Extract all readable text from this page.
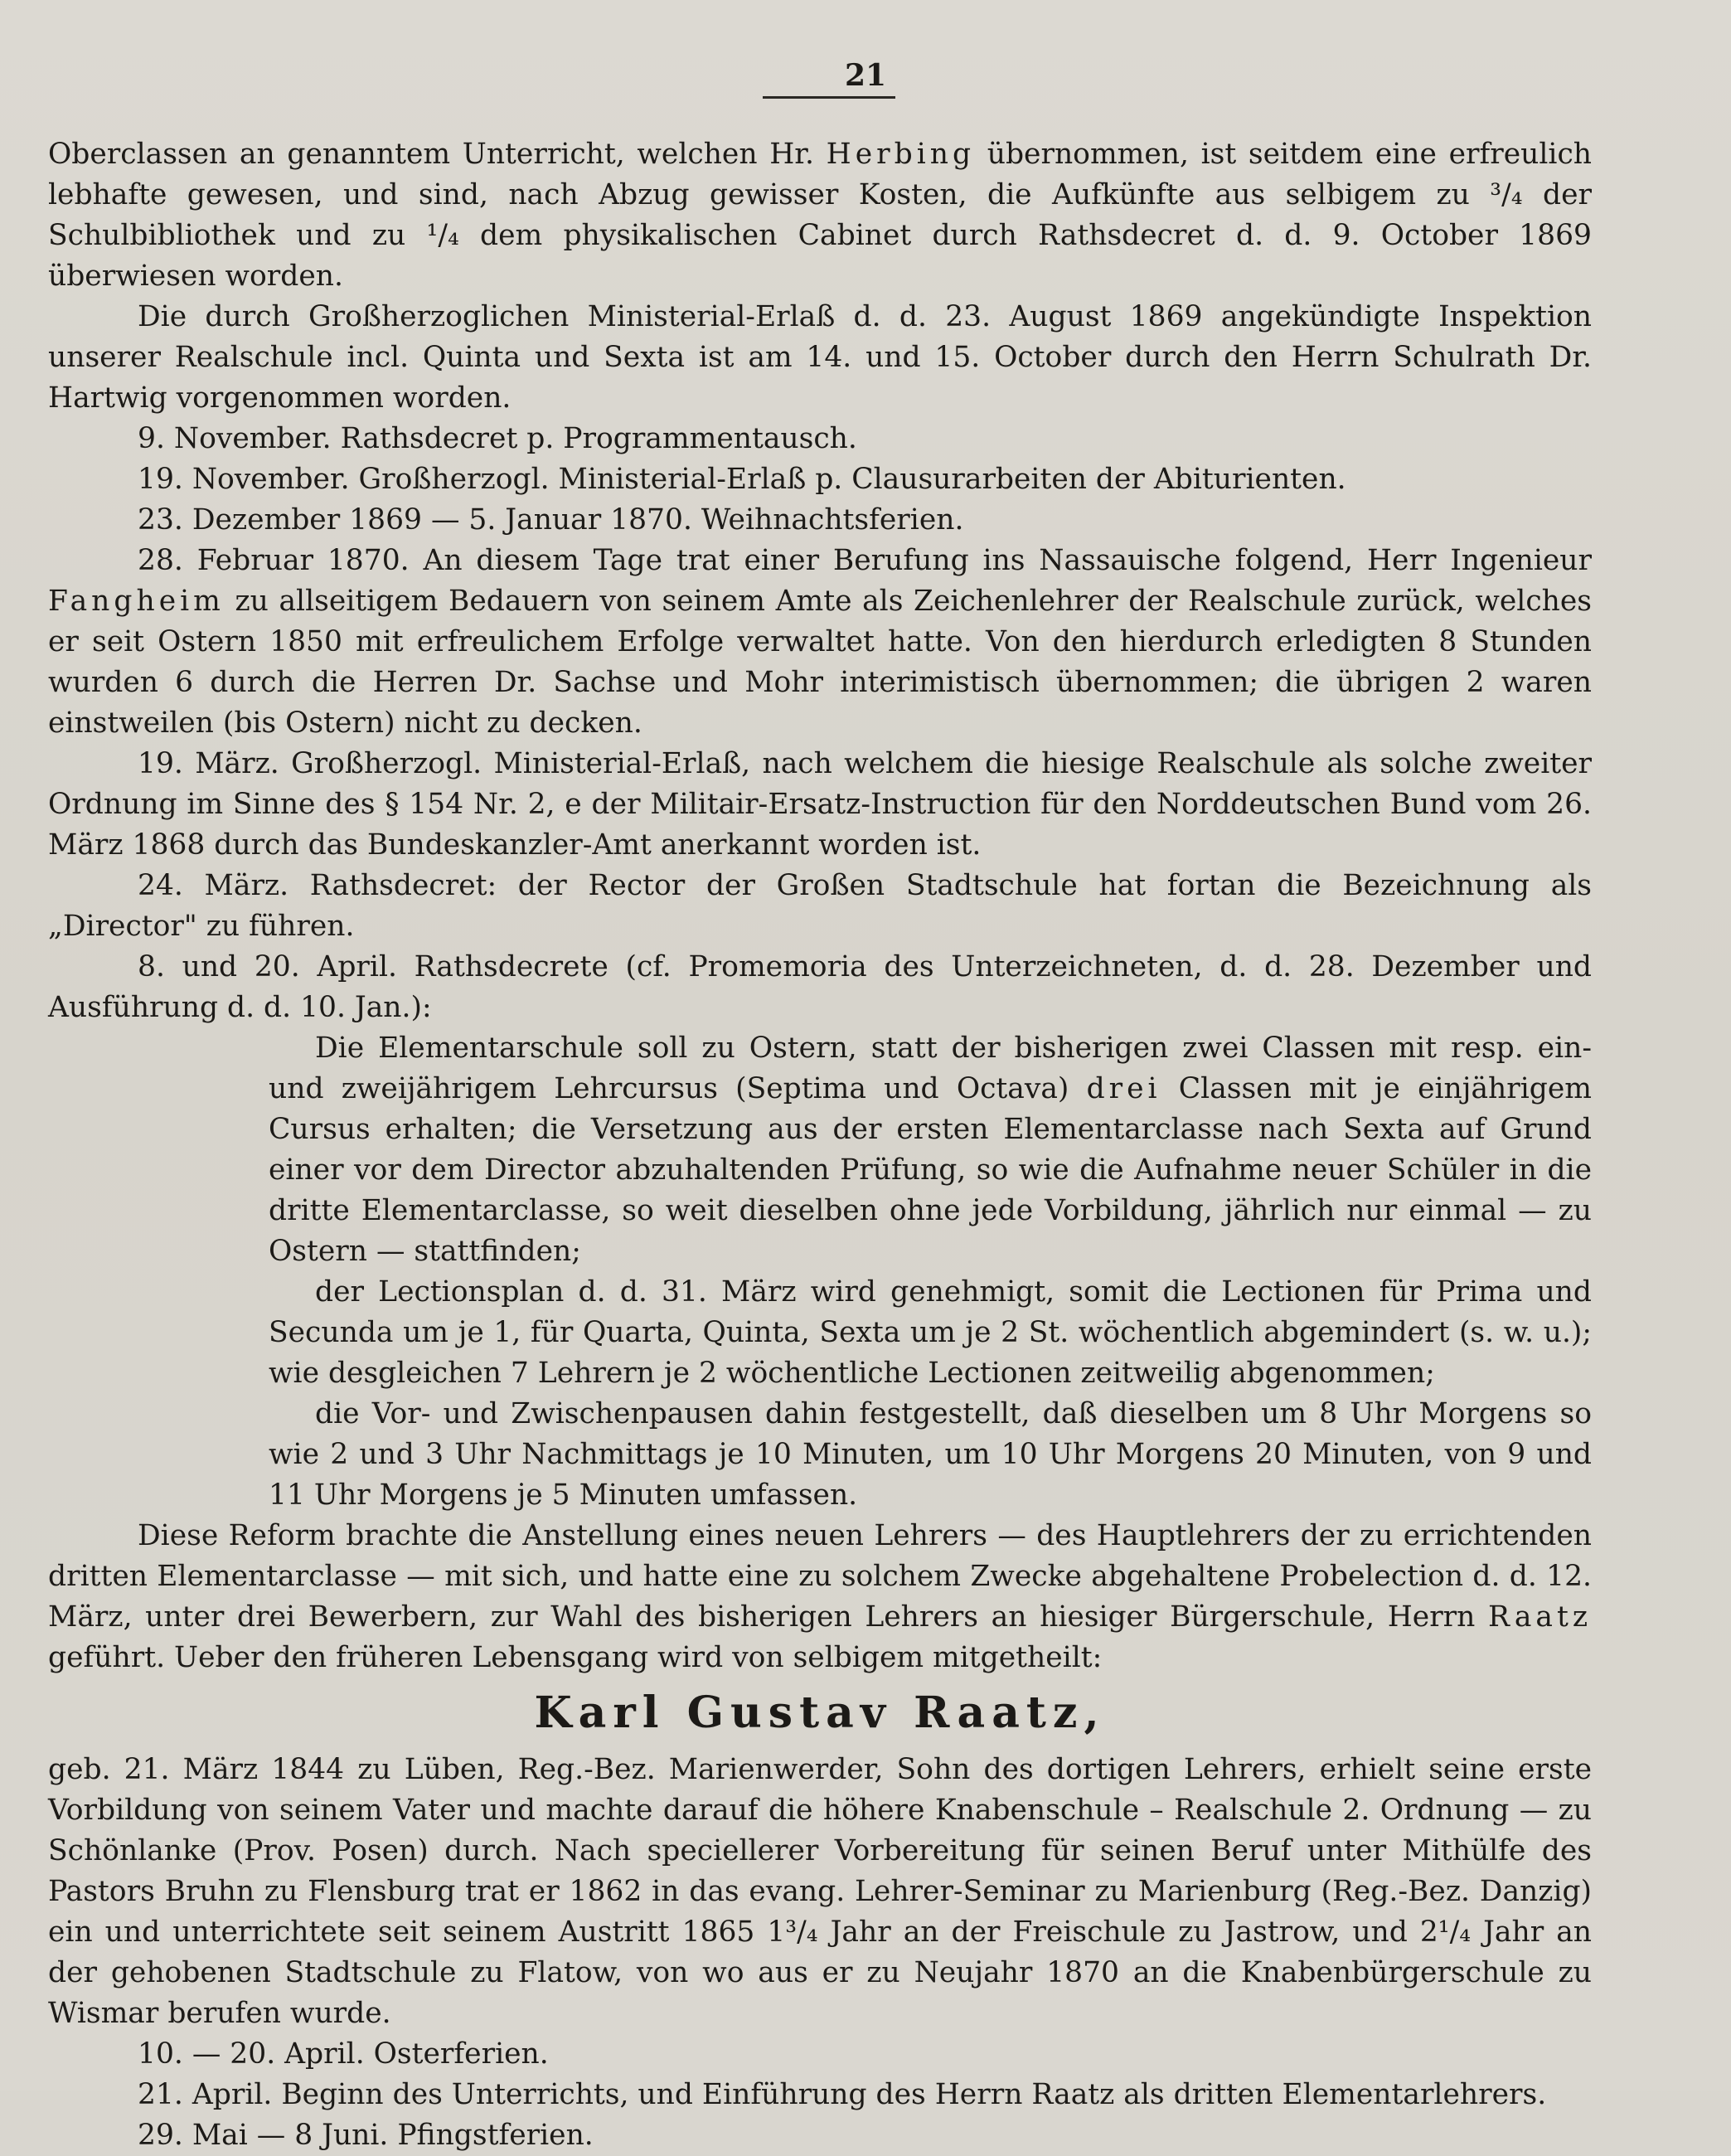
21

Oberclassen an genanntem Unterricht, welchen Hr. Herbing übernommen, ist seitdem eine erfreulich lebhafte gewesen, und sind, nach Abzug gewisser Kosten, die Aufkünfte aus selbigem zu ³/₄ der Schulbibliothek und zu ¹/₄ dem physikalischen Cabinet durch Rathsdecret d. d. 9. October 1869 überwiesen worden.

Die durch Großherzoglichen Ministerial-Erlaß d. d. 23. August 1869 angekündigte Inspektion unserer Realschule incl. Quinta und Sexta ist am 14. und 15. October durch den Herrn Schulrath Dr. Hartwig vorgenommen worden.

9. November. Rathsdecret p. Programmentausch.

19. November. Großherzogl. Ministerial-Erlaß p. Clausurarbeiten der Abiturienten.

23. Dezember 1869 — 5. Januar 1870. Weihnachtsferien.

28. Februar 1870. An diesem Tage trat einer Berufung ins Nassauische folgend, Herr Ingenieur Fangheim zu allseitigem Bedauern von seinem Amte als Zeichenlehrer der Realschule zurück, welches er seit Ostern 1850 mit erfreulichem Erfolge verwaltet hatte. Von den hierdurch erledigten 8 Stunden wurden 6 durch die Herren Dr. Sachse und Mohr interimistisch übernommen; die übrigen 2 waren einstweilen (bis Ostern) nicht zu decken.

19. März. Großherzogl. Ministerial-Erlaß, nach welchem die hiesige Realschule als solche zweiter Ordnung im Sinne des § 154 Nr. 2, e der Militair-Ersatz-Instruction für den Norddeutschen Bund vom 26. März 1868 durch das Bundeskanzler-Amt anerkannt worden ist.

24. März. Rathsdecret: der Rector der Großen Stadtschule hat fortan die Bezeichnung als „Director" zu führen.

8. und 20. April. Rathsdecrete (cf. Promemoria des Unterzeichneten, d. d. 28. Dezember und Ausführung d. d. 10. Jan.):

Die Elementarschule soll zu Ostern, statt der bisherigen zwei Classen mit resp. ein- und zweijährigem Lehrcursus (Septima und Octava) drei Classen mit je einjährigem Cursus erhalten; die Versetzung aus der ersten Elementarclasse nach Sexta auf Grund einer vor dem Director abzuhaltenden Prüfung, so wie die Aufnahme neuer Schüler in die dritte Elementarclasse, so weit dieselben ohne jede Vorbildung, jährlich nur einmal — zu Ostern — stattfinden;

der Lectionsplan d. d. 31. März wird genehmigt, somit die Lectionen für Prima und Secunda um je 1, für Quarta, Quinta, Sexta um je 2 St. wöchentlich abgemindert (s. w. u.); wie desgleichen 7 Lehrern je 2 wöchentliche Lectionen zeitweilig abgenommen;

die Vor- und Zwischenpausen dahin festgestellt, daß dieselben um 8 Uhr Morgens so wie 2 und 3 Uhr Nachmittags je 10 Minuten, um 10 Uhr Morgens 20 Minuten, von 9 und 11 Uhr Morgens je 5 Minuten umfassen.

Diese Reform brachte die Anstellung eines neuen Lehrers — des Hauptlehrers der zu errichtenden dritten Elementarclasse — mit sich, und hatte eine zu solchem Zwecke abgehaltene Probelection d. d. 12. März, unter drei Bewerbern, zur Wahl des bisherigen Lehrers an hiesiger Bürgerschule, Herrn Raatz geführt. Ueber den früheren Lebensgang wird von selbigem mitgetheilt:

Karl Gustav Raatz,

geb. 21. März 1844 zu Lüben, Reg.-Bez. Marienwerder, Sohn des dortigen Lehrers, erhielt seine erste Vorbildung von seinem Vater und machte darauf die höhere Knabenschule – Realschule 2. Ordnung — zu Schönlanke (Prov. Posen) durch. Nach speciellerer Vorbereitung für seinen Beruf unter Mithülfe des Pastors Bruhn zu Flensburg trat er 1862 in das evang. Lehrer-Seminar zu Marienburg (Reg.-Bez. Danzig) ein und unterrichtete seit seinem Austritt 1865 1³/₄ Jahr an der Freischule zu Jastrow, und 2¹/₄ Jahr an der gehobenen Stadtschule zu Flatow, von wo aus er zu Neujahr 1870 an die Knabenbürgerschule zu Wismar berufen wurde.

10. — 20. April. Osterferien.

21. April. Beginn des Unterrichts, und Einführung des Herrn Raatz als dritten Elementarlehrers.

29. Mai — 8 Juni. Pfingstferien.
